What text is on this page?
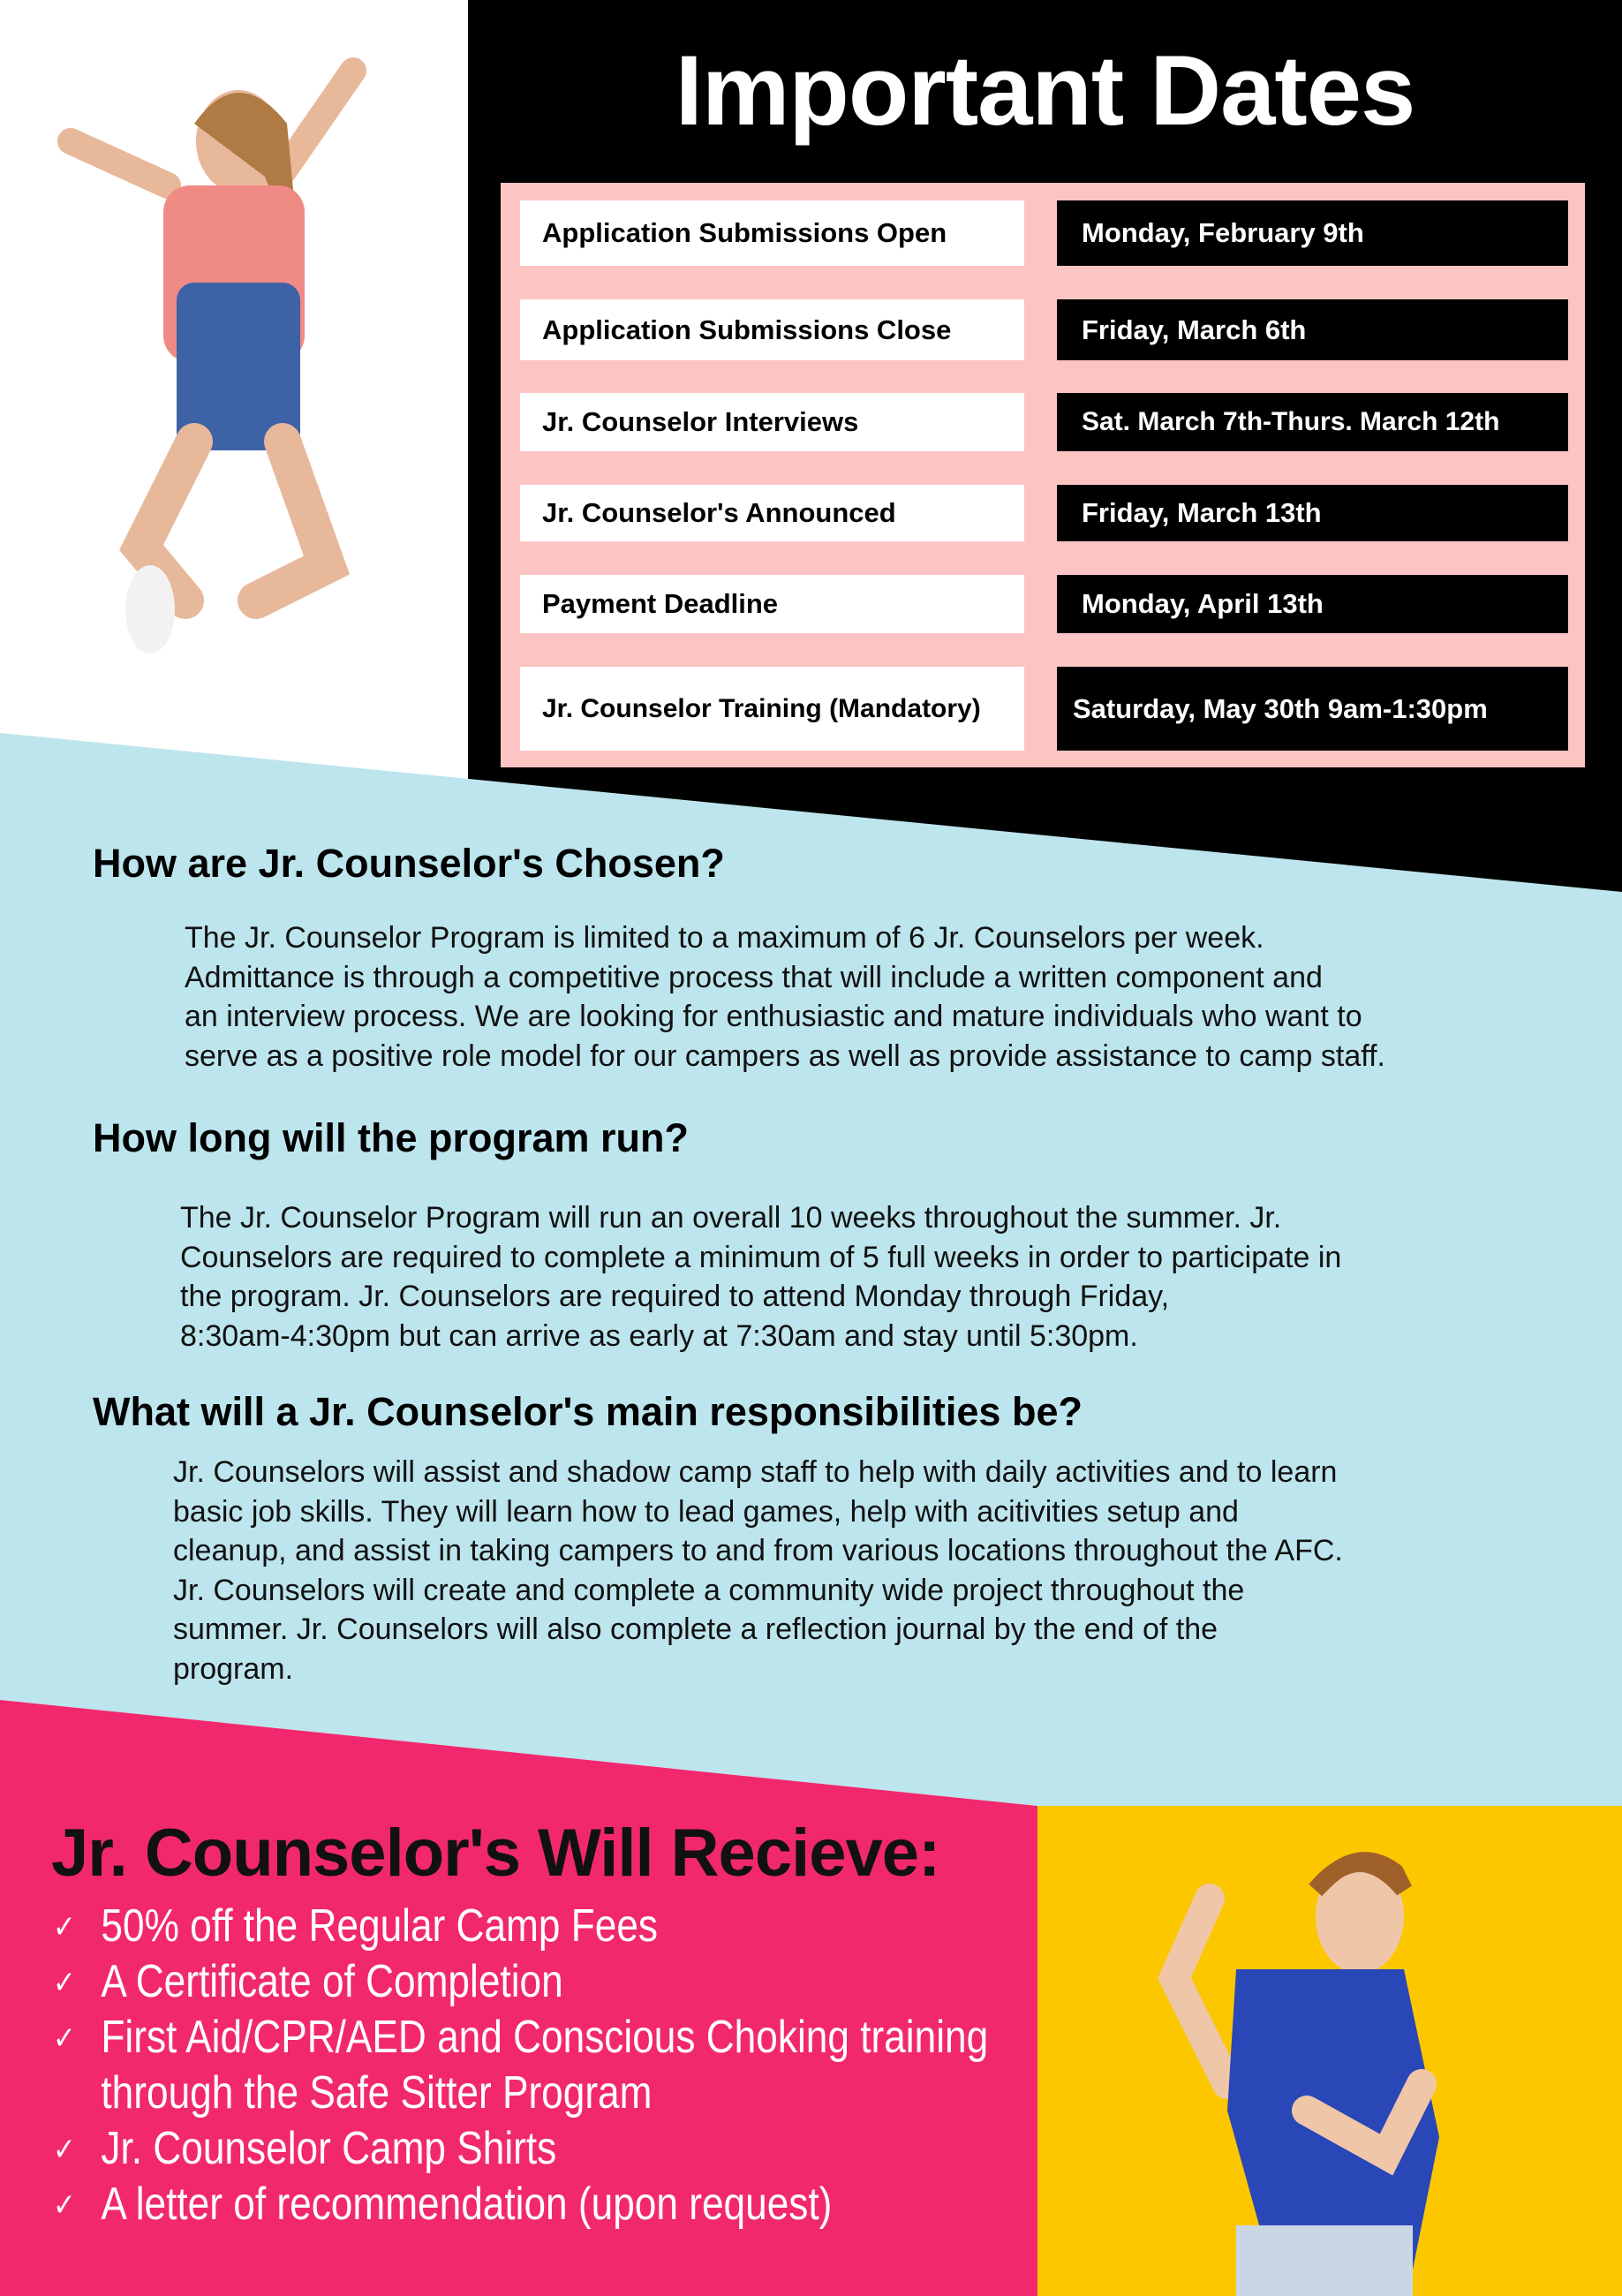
Important Dates
Application Submissions Open	Monday, February 9th
Application Submissions Close	Friday, March 6th
Jr. Counselor Interviews	Sat. March 7th-Thurs. March 12th
Jr. Counselor's Announced	Friday, March 13th
Payment Deadline	Monday, April 13th
Jr. Counselor Training (Mandatory)	Saturday, May 30th 9am-1:30pm
How are Jr. Counselor's Chosen?
The Jr. Counselor Program is limited to a maximum of 6 Jr. Counselors per week.
Admittance is through a competitive process that will include a written component and
an interview process. We are looking for enthusiastic and mature individuals who want to
serve as a positive role model for our campers as well as provide assistance to camp staff.
How long will the program run?
The Jr. Counselor Program will run an overall 10 weeks throughout the summer. Jr.
Counselors are required to complete a minimum of 5 full weeks in order to participate in
the program. Jr. Counselors are required to attend Monday through Friday,
8:30am-4:30pm but can arrive as early at 7:30am and stay until 5:30pm.
What will a Jr. Counselor's main responsibilities be?
Jr. Counselors will assist and shadow camp staff to help with daily activities and to learn
basic job skills. They will learn how to lead games, help with acitivities setup and
cleanup, and assist in taking campers to and from various locations throughout the AFC.
Jr. Counselors will create and complete a community wide project throughout the
summer. Jr. Counselors will also complete a reflection journal by the end of the
program.
Jr. Counselor's Will Recieve:
✓ 50% off the Regular Camp Fees
✓ A Certificate of Completion
✓ First Aid/CPR/AED and Conscious Choking training
through the Safe Sitter Program
✓ Jr. Counselor Camp Shirts
✓ A letter of recommendation (upon request)
